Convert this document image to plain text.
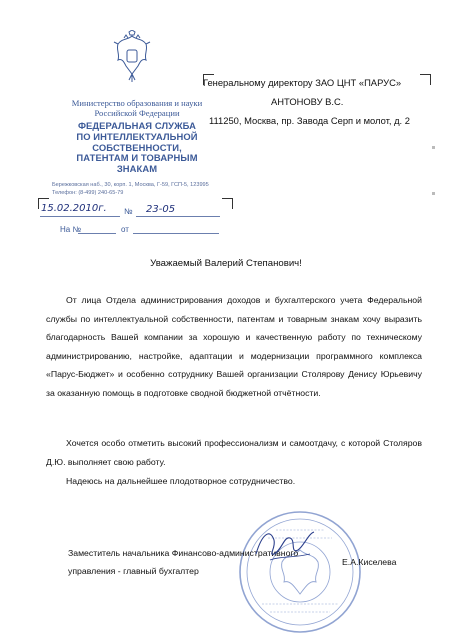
Министерство образования и науки
Российской Федерации
ФЕДЕРАЛЬНАЯ СЛУЖБА
ПО ИНТЕЛЛЕКТУАЛЬНОЙ
СОБСТВЕННОСТИ,
ПАТЕНТАМ И ТОВАРНЫМ
ЗНАКАМ
Бережковская наб., 30, корп. 1, Москва, Г-59, ГСП-5, 123995
Телефон: (8-499) 240-65-79
15.02.2010г. № 23-05
На №	от
Генеральному директору ЗАО ЦНТ «ПАРУС»
АНТОНОВУ В.С.
111250, Москва, пр. Завода Серп и молот, д. 2
Уважаемый Валерий Степанович!
От лица Отдела администрирования доходов и бухгалтерского учета Федеральной службы по интеллектуальной собственности, патентам и товарным знакам хочу выразить благодарность Вашей компании за хорошую и качественную работу по техническому администрированию, настройке, адаптации и модернизации программного комплекса «Парус-Бюджет» и особенно сотруднику Вашей организации Столярову Денису Юрьевичу за оказанную помощь в подготовке сводной бюджетной отчётности.
Хочется особо отметить высокий профессионализм и самоотдачу, с которой Столяров Д.Ю. выполняет свою работу.
Надеюсь на дальнейшее плодотворное сотрудничество.
Заместитель начальника Финансово-административного
управления - главный бухгалтер
Е.А.Киселева
